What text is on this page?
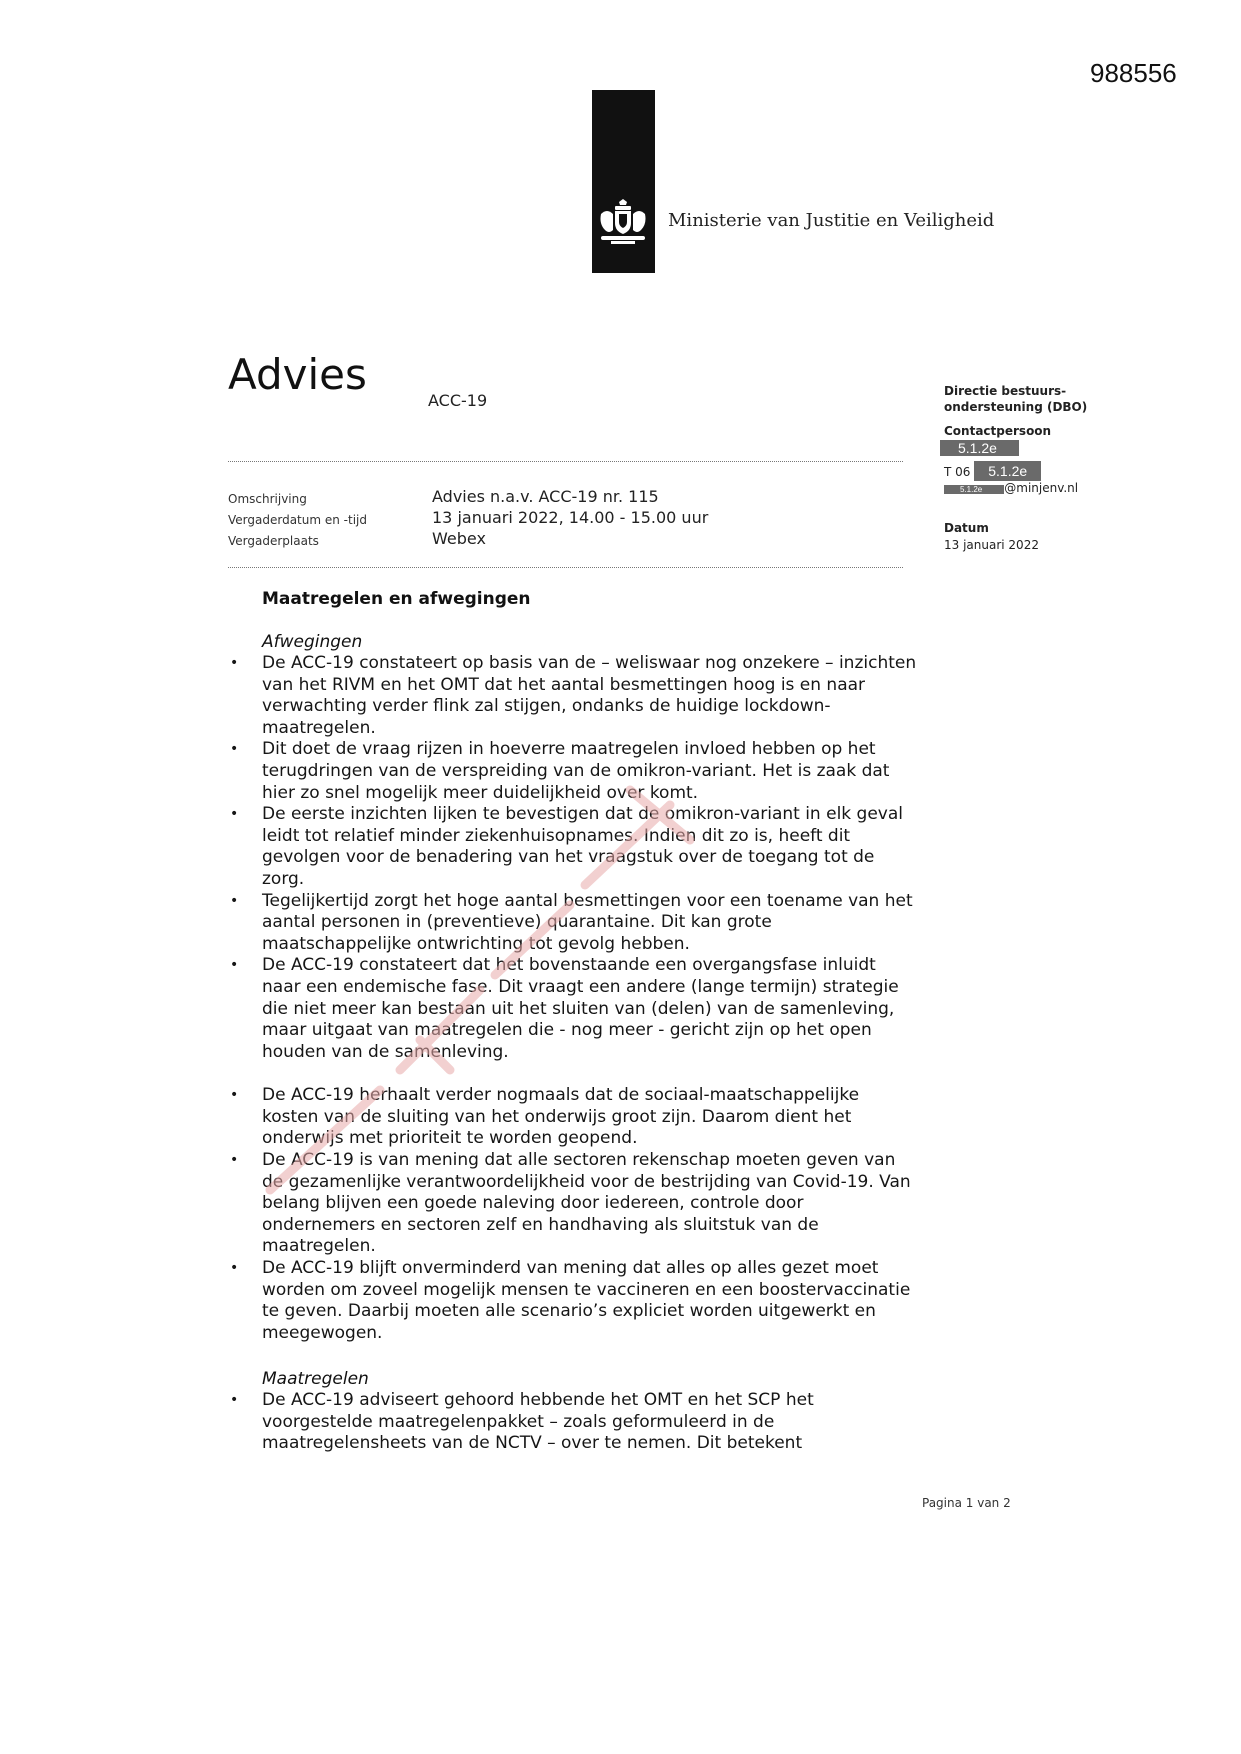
988556
Ministerie van Justitie en Veiligheid
Advies
ACC-19
Omschrijving	Advies n.a.v. ACC-19 nr. 115
Vergaderdatum en -tijd	13 januari 2022, 14.00 - 15.00 uur
Vergaderplaats	Webex
Directie bestuurs-
ondersteuning (DBO)
Contactpersoon
5.1.2e
T 06 5.1.2e
5.1.2e @minjenv.nl
Datum
13 januari 2022
Maatregelen en afwegingen
Afwegingen
• De ACC-19 constateert op basis van de – weliswaar nog onzekere – inzichten van het RIVM en het OMT dat het aantal besmettingen hoog is en naar verwachting verder flink zal stijgen, ondanks de huidige lockdown-maatregelen.
• Dit doet de vraag rijzen in hoeverre maatregelen invloed hebben op het terugdringen van de verspreiding van de omikron-variant. Het is zaak dat hier zo snel mogelijk meer duidelijkheid over komt.
• De eerste inzichten lijken te bevestigen dat de omikron-variant in elk geval leidt tot relatief minder ziekenhuisopnames. Indien dit zo is, heeft dit gevolgen voor de benadering van het vraagstuk over de toegang tot de zorg.
• Tegelijkertijd zorgt het hoge aantal besmettingen voor een toename van het aantal personen in (preventieve) quarantaine. Dit kan grote maatschappelijke ontwrichting tot gevolg hebben.
• De ACC-19 constateert dat het bovenstaande een overgangsfase inluidt naar een endemische fase. Dit vraagt een andere (lange termijn) strategie die niet meer kan bestaan uit het sluiten van (delen) van de samenleving, maar uitgaat van maatregelen die - nog meer - gericht zijn op het open houden van de samenleving.
• De ACC-19 herhaalt verder nogmaals dat de sociaal-maatschappelijke kosten van de sluiting van het onderwijs groot zijn. Daarom dient het onderwijs met prioriteit te worden geopend.
• De ACC-19 is van mening dat alle sectoren rekenschap moeten geven van de gezamenlijke verantwoordelijkheid voor de bestrijding van Covid-19. Van belang blijven een goede naleving door iedereen, controle door ondernemers en sectoren zelf en handhaving als sluitstuk van de maatregelen.
• De ACC-19 blijft onverminderd van mening dat alles op alles gezet moet worden om zoveel mogelijk mensen te vaccineren en een boostervaccinatie te geven. Daarbij moeten alle scenario’s expliciet worden uitgewerkt en meegewogen.
Maatregelen
• De ACC-19 adviseert gehoord hebbende het OMT en het SCP het voorgestelde maatregelenpakket – zoals geformuleerd in de maatregelensheets van de NCTV – over te nemen. Dit betekent
Pagina 1 van 2
